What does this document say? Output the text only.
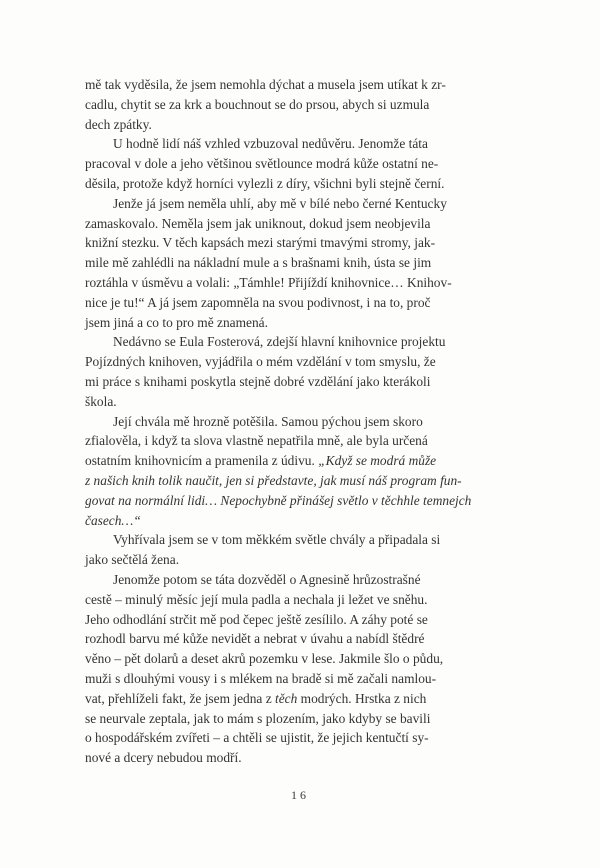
mě tak vyděsila, že jsem nemohla dýchat a musela jsem utíkat k zr-
cadlu, chytit se za krk a bouchnout se do prsou, abych si uzmula
dech zpátky.
U hodně lidí náš vzhled vzbuzoval nedůvěru. Jenomže táta
pracoval v dole a jeho většinou světlounce modrá kůže ostatní ne-
děsila, protože když horníci vylezli z díry, všichni byli stejně černí.
Jenže já jsem neměla uhlí, aby mě v bílé nebo černé Kentucky
zamaskovalo. Neměla jsem jak uniknout, dokud jsem neobjevila
knižní stezku. V těch kapsách mezi starými tmavými stromy, jak-
mile mě zahlédli na nákladní mule a s brašnami knih, ústa se jim
roztáhla v úsměvu a volali: „Támhle! Přijíždí knihovnice… Knihov-
nice je tu!“ A já jsem zapomněla na svou podivnost, i na to, proč
jsem jiná a co to pro mě znamená.
Nedávno se Eula Fosterová, zdejší hlavní knihovnice projektu
Pojízdných knihoven, vyjádřila o mém vzdělání v tom smyslu, že
mi práce s knihami poskytla stejně dobré vzdělání jako kterákoli
škola.
Její chvála mě hrozně potěšila. Samou pýchou jsem skoro
zfialověla, i když ta slova vlastně nepatřila mně, ale byla určená
ostatním knihovnicím a pramenila z údivu. „Když se modrá může
z našich knih tolik naučit, jen si představte, jak musí náš program fun-
govat na normální lidi… Nepochybně přinášej světlo v těchhle temnejch
časech…“
Vyhřívala jsem se v tom měkkém světle chvály a připadala si
jako sečtělá žena.
Jenomže potom se táta dozvěděl o Agnesině hrůzostrašné
cestě – minulý měsíc její mula padla a nechala ji ležet ve sněhu.
Jeho odhodlání strčit mě pod čepec ještě zesílilo. A záhy poté se
rozhodl barvu mé kůže nevidět a nebrat v úvahu a nabídl štědré
věno – pět dolarů a deset akrů pozemku v lese. Jakmile šlo o půdu,
muži s dlouhými vousy i s mlékem na bradě si mě začali namlou-
vat, přehlíželi fakt, že jsem jedna z těch modrých. Hrstka z nich
se neurvale zeptala, jak to mám s plozením, jako kdyby se bavili
o hospodářském zvířeti – a chtěli se ujistit, že jejich kentučtí sy-
nové a dcery nebudou modří.
16
